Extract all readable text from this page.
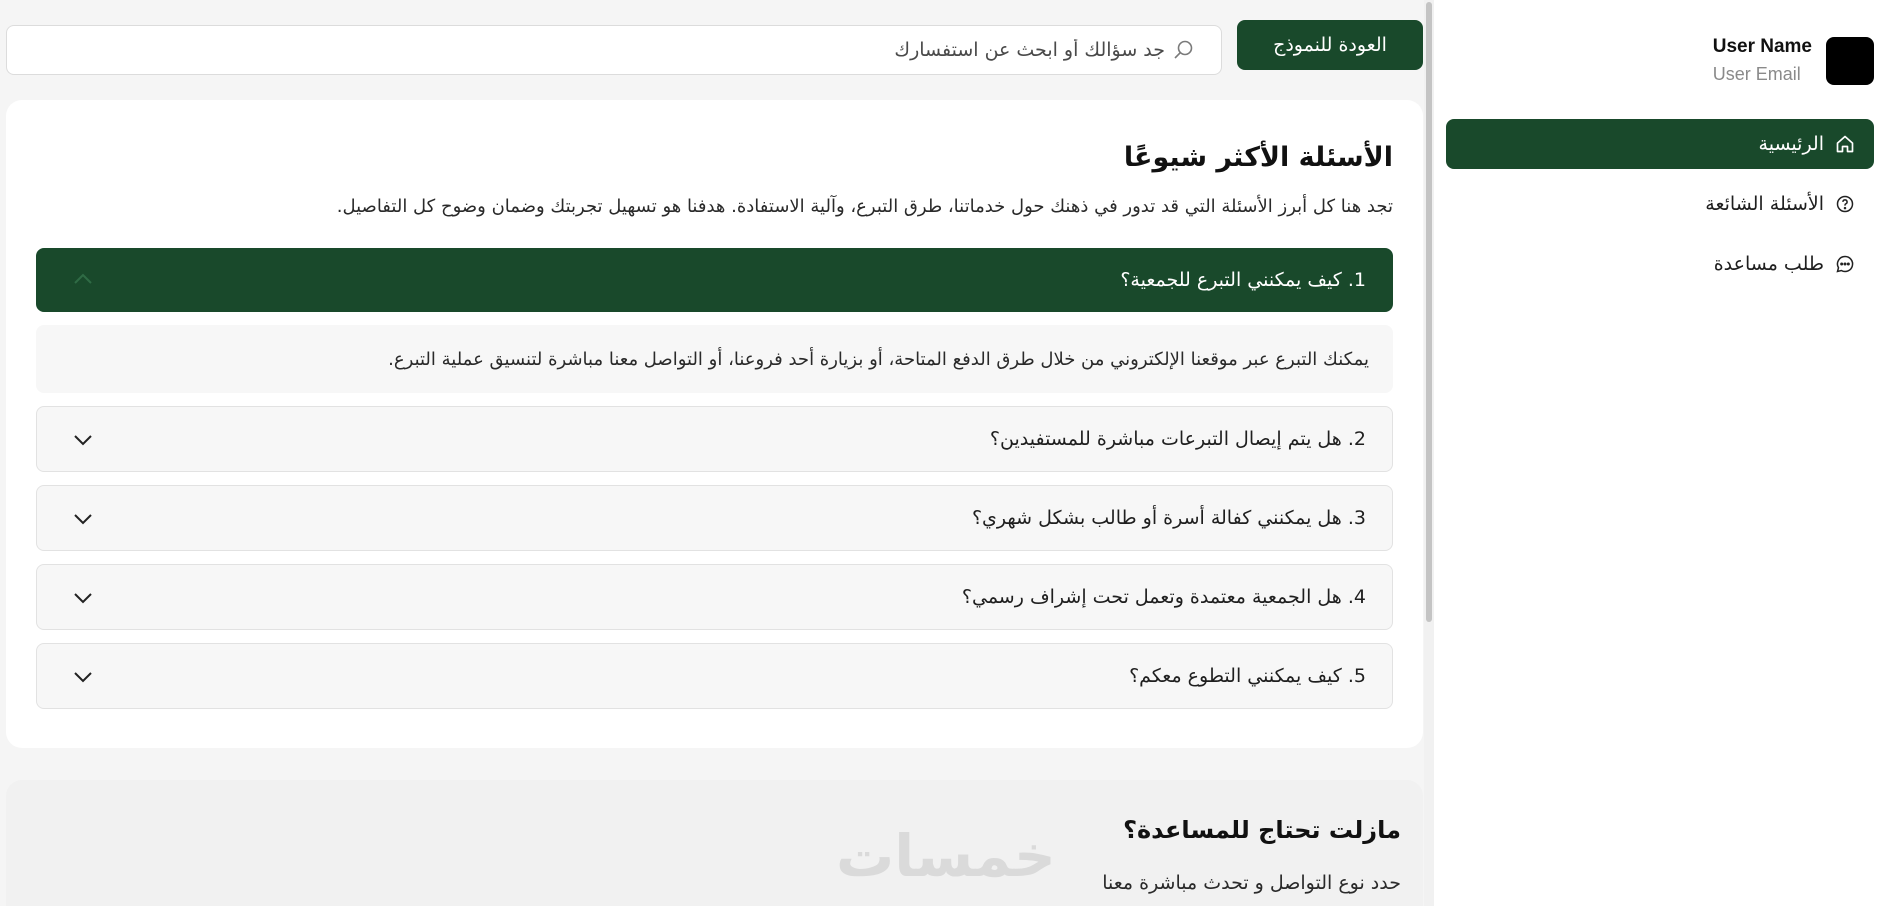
User Name
User Email
الرئيسية
الأسئلة الشائعة
طلب مساعدة
العودة للنموذج
جد سؤالك أو ابحث عن استفسارك
الأسئلة الأكثر شيوعًا

تجد هنا كل أبرز الأسئلة التي قد تدور في ذهنك حول خدماتنا، طرق التبرع، وآلية الاستفادة. هدفنا هو تسهيل تجربتك وضمان وضوح كل التفاصيل.

1. كيف يمكنني التبرع للجمعية؟
يمكنك التبرع عبر موقعنا الإلكتروني من خلال طرق الدفع المتاحة، أو بزيارة أحد فروعنا، أو التواصل معنا مباشرة لتنسيق عملية التبرع.
2. هل يتم إيصال التبرعات مباشرة للمستفيدين؟
3. هل يمكنني كفالة أسرة أو طالب بشكل شهري؟
4. هل الجمعية معتمدة وتعمل تحت إشراف رسمي؟
5. كيف يمكنني التطوع معكم؟
مازلت تحتاج للمساعدة؟

حدد نوع التواصل و تحدث مباشرة معنا

خمسات
